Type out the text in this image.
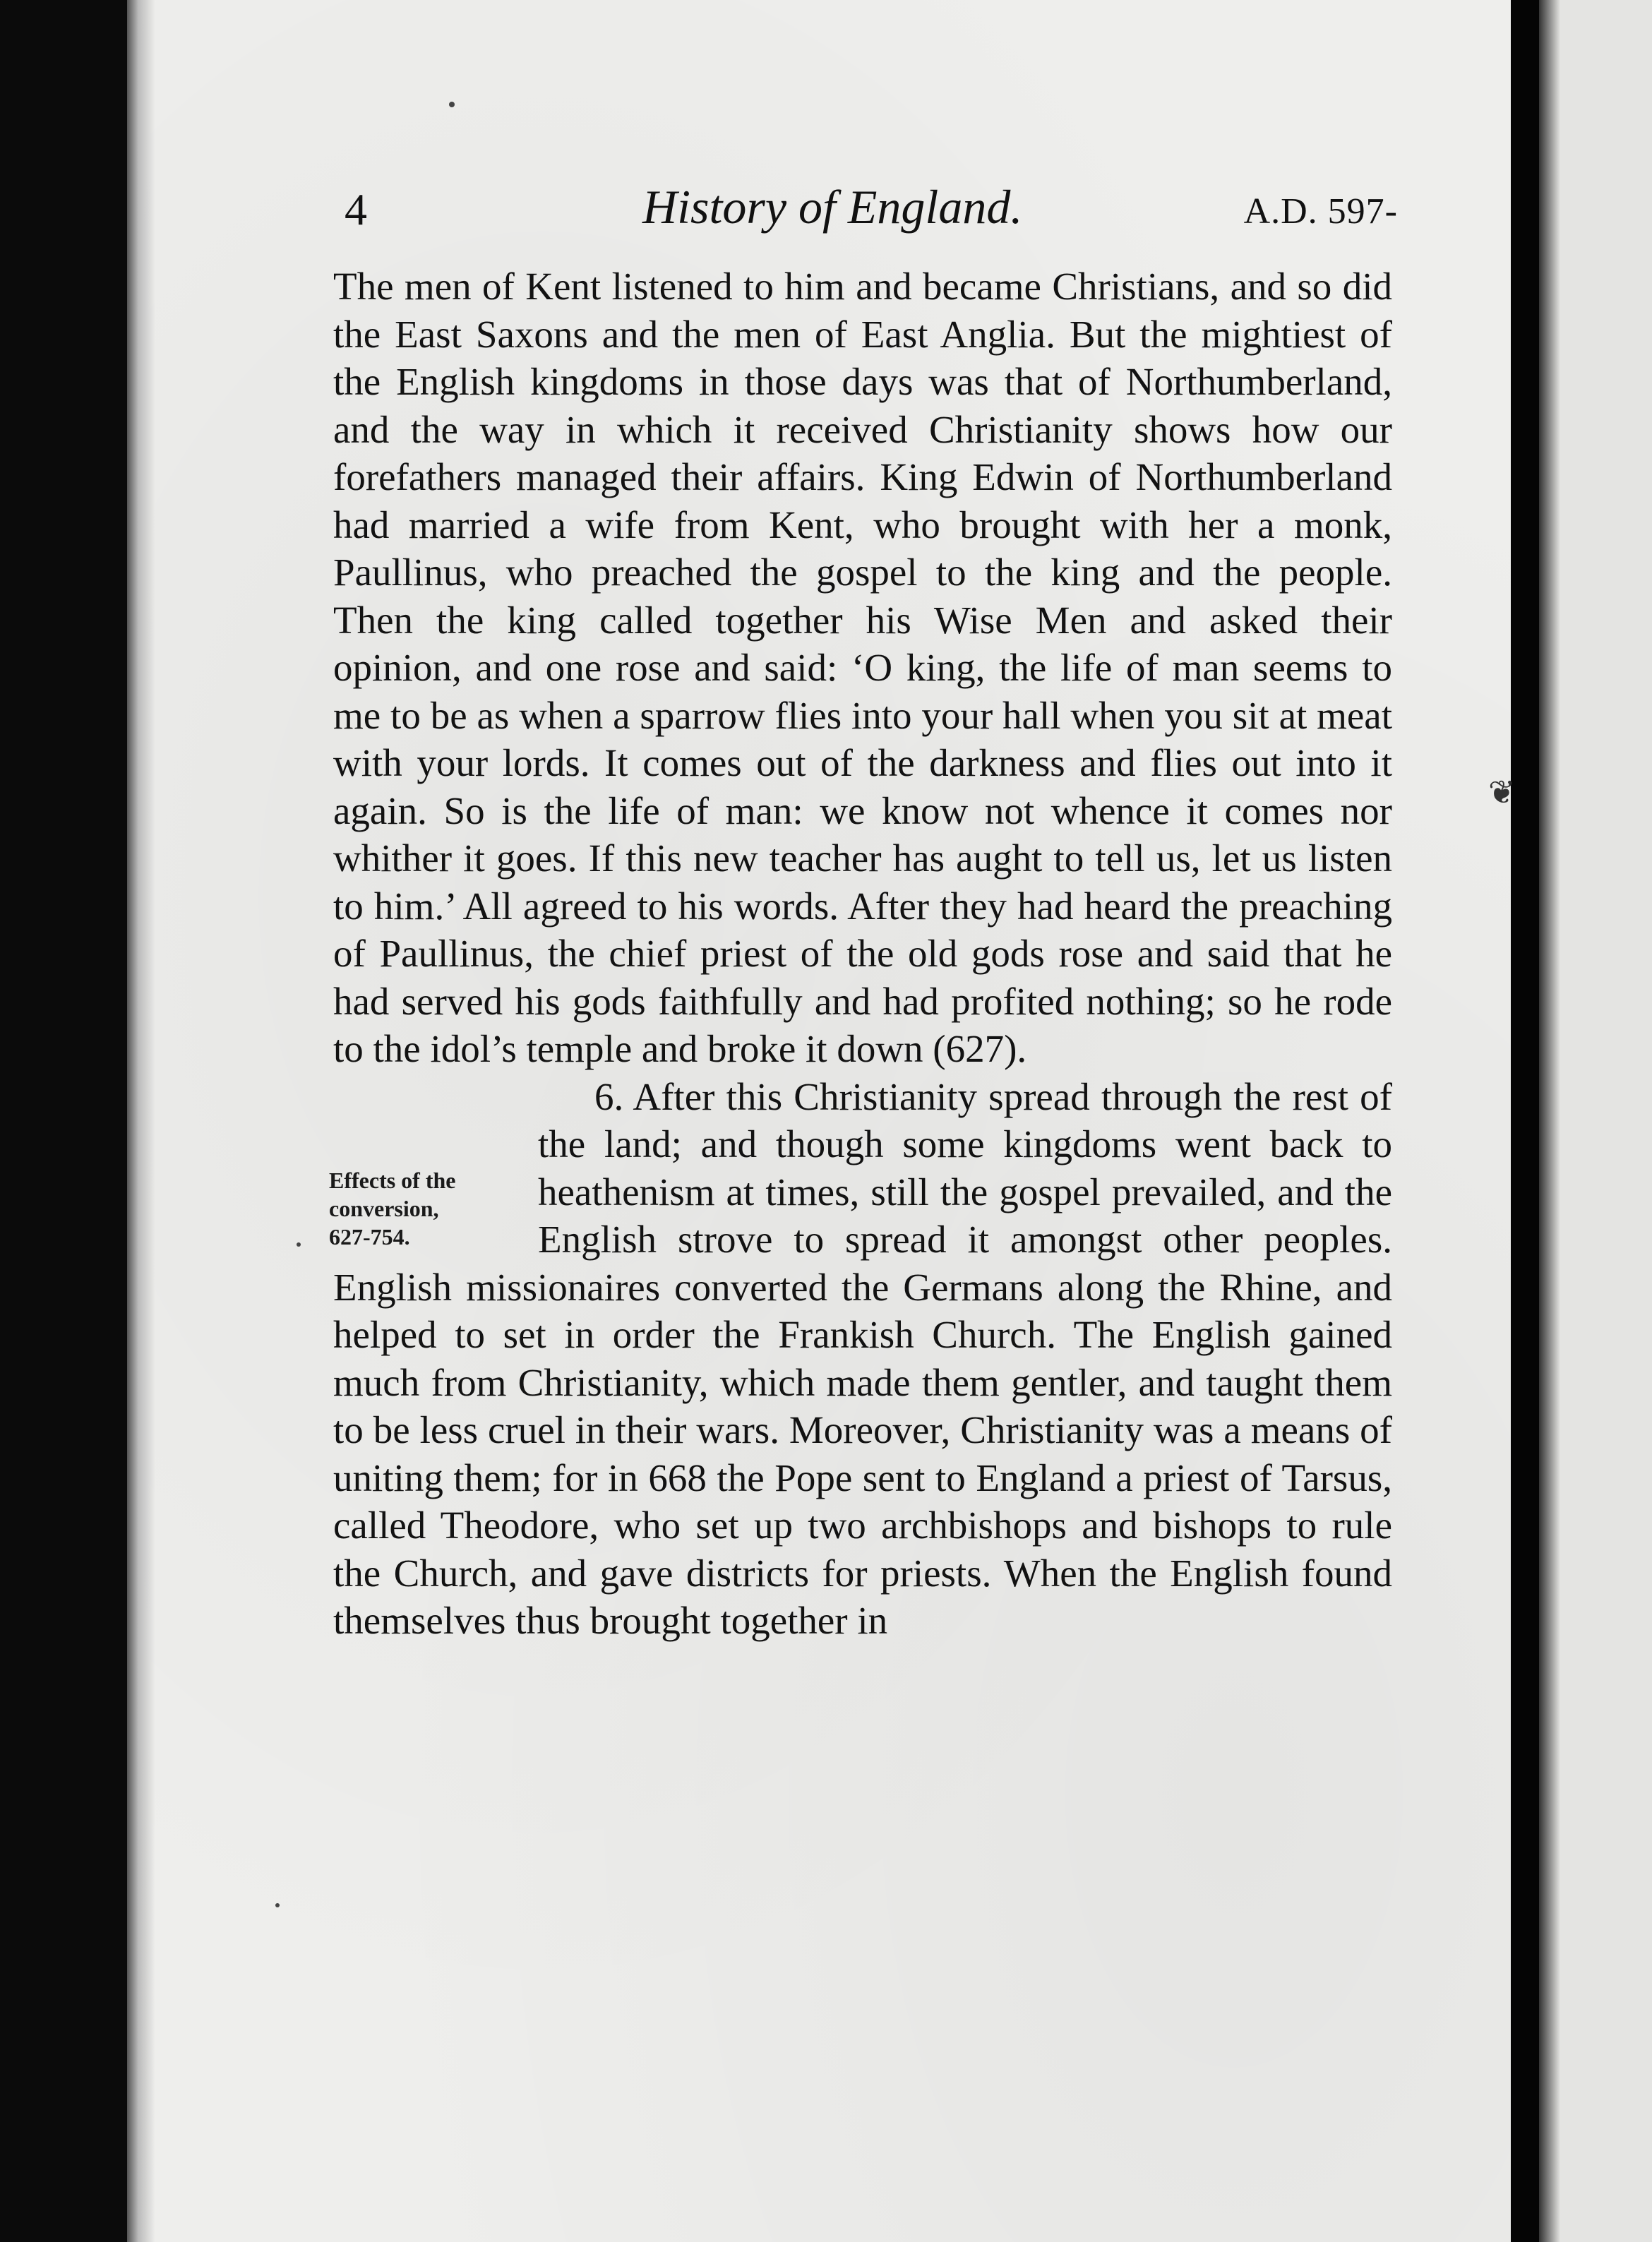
❦
4	History of England.	A.D. 597-

The men of Kent listened to him and became Christians, and so did the East Saxons and the men of East Anglia. But the mightiest of the English kingdoms in those days was that of Northumberland, and the way in which it received Christianity shows how our forefathers managed their affairs. King Edwin of Northumberland had married a wife from Kent, who brought with her a monk, Paullinus, who preached the gospel to the king and the people. Then the king called together his Wise Men and asked their opinion, and one rose and said: ‘O king, the life of man seems to me to be as when a sparrow flies into your hall when you sit at meat with your lords. It comes out of the darkness and flies out into it again. So is the life of man: we know not whence it comes nor whither it goes. If this new teacher has aught to tell us, let us listen to him.’ All agreed to his words. After they had heard the preaching of Paullinus, the chief priest of the old gods rose and said that he had served his gods faithfully and had profited nothing; so he rode to the idol’s temple and broke it down (627).

Effects of the
conversion,
627-754.
6. After this Christianity spread through the rest of the land; and though some kingdoms went back to heathenism at times, still the gospel prevailed, and the English strove to spread it amongst other peoples. English missionaires converted the Germans along the Rhine, and helped to set in order the Frankish Church. The English gained much from Christianity, which made them gentler, and taught them to be less cruel in their wars. Moreover, Christianity was a means of uniting them; for in 668 the Pope sent to England a priest of Tarsus, called Theodore, who set up two archbishops and bishops to rule the Church, and gave districts for priests. When the English found themselves thus brought together in
